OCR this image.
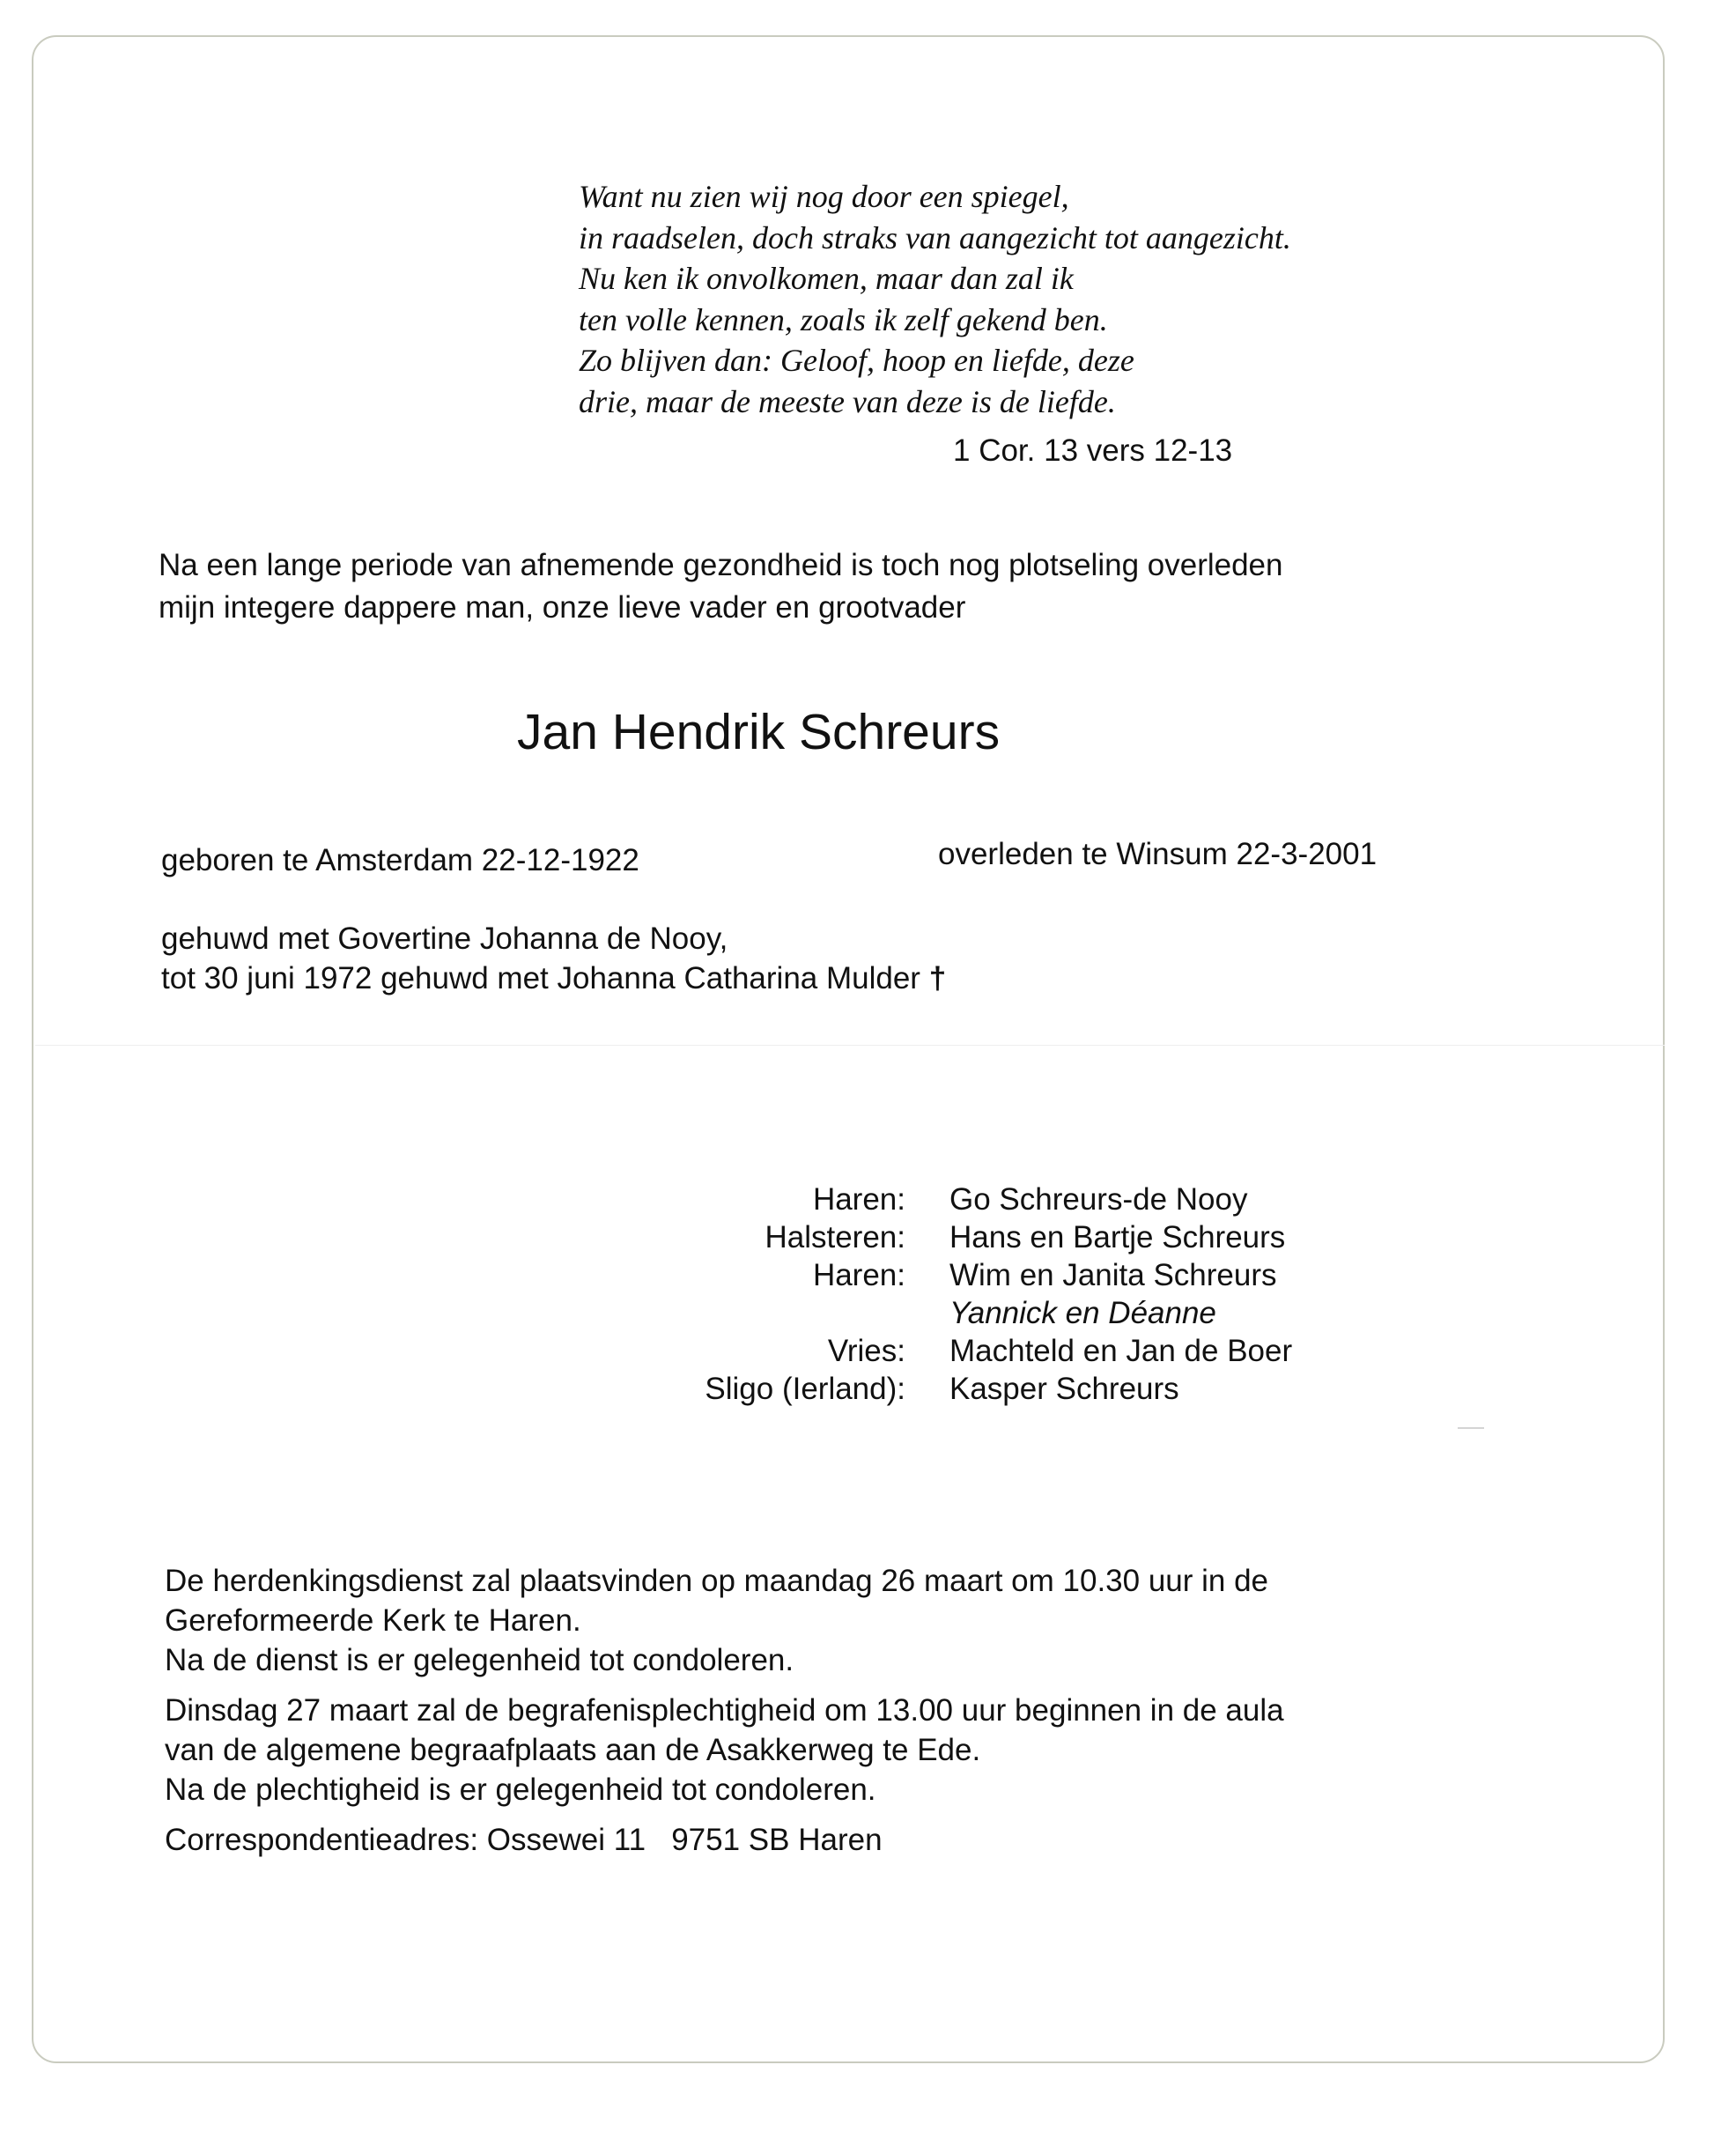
Want nu zien wij nog door een spiegel,
in raadselen, doch straks van aangezicht tot aangezicht.
Nu ken ik onvolkomen, maar dan zal ik
ten volle kennen, zoals ik zelf gekend ben.
Zo blijven dan: Geloof, hoop en liefde, deze
drie, maar de meeste van deze is de liefde.
1 Cor. 13 vers 12-13
Na een lange periode van afnemende gezondheid is toch nog plotseling overleden
mijn integere dappere man, onze lieve vader en grootvader
Jan Hendrik Schreurs
geboren te Amsterdam 22-12-1922	overleden te Winsum 22-3-2001
gehuwd met Govertine Johanna de Nooy,
tot 30 juni 1972 gehuwd met Johanna Catharina Mulder †
Haren: Go Schreurs-de Nooy
Halsteren: Hans en Bartje Schreurs
Haren: Wim en Janita Schreurs
Yannick en Déanne
Vries: Machteld en Jan de Boer
Sligo (Ierland): Kasper Schreurs
De herdenkingsdienst zal plaatsvinden op maandag 26 maart om 10.30 uur in de
Gereformeerde Kerk te Haren.
Na de dienst is er gelegenheid tot condoleren.
Dinsdag 27 maart zal de begrafenisplechtigheid om 13.00 uur beginnen in de aula
van de algemene begraafplaats aan de Asakkerweg te Ede.
Na de plechtigheid is er gelegenheid tot condoleren.
Correspondentieadres: Ossewei 11   9751 SB Haren
